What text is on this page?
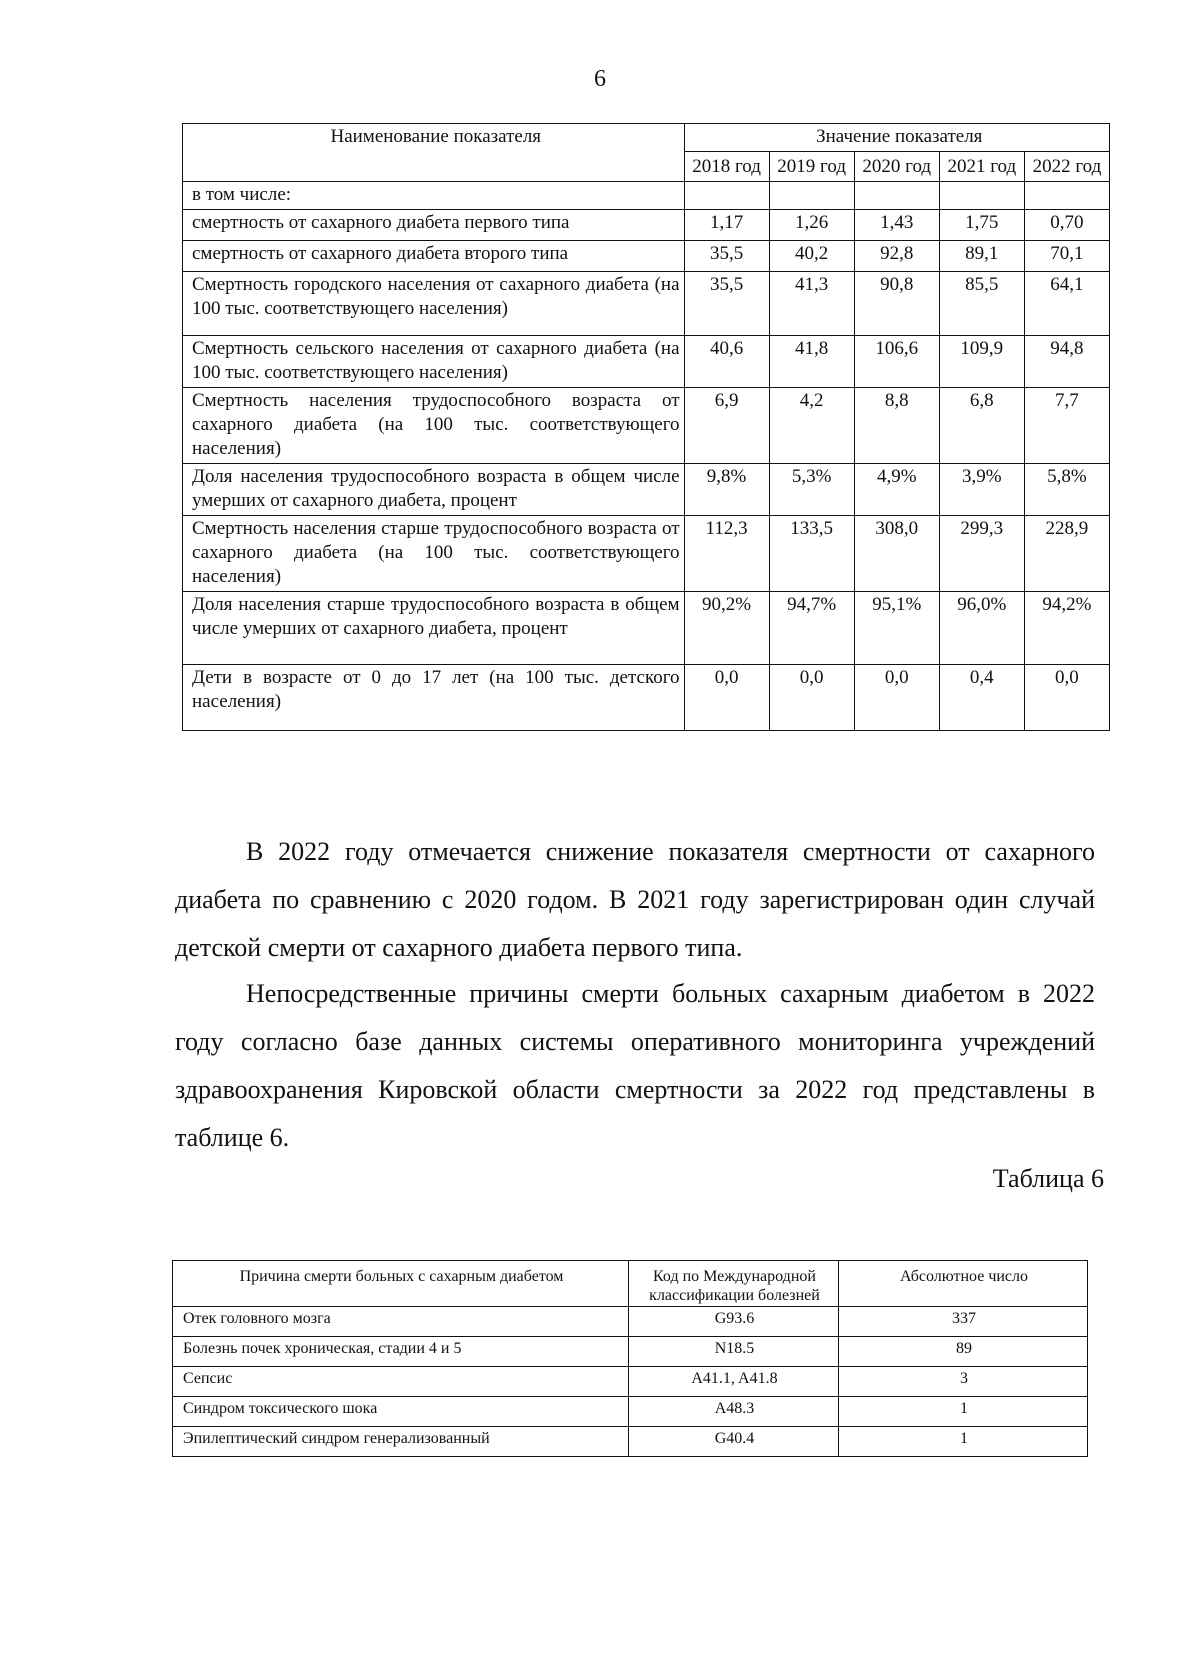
6
Наименование показателя	Значение показателя				
	2018 год	2019 год	2020 год	2021 год	2022 год
в том числе:					
смертность от сахарного диабета первого типа	1,17	1,26	1,43	1,75	0,70
смертность от сахарного диабета второго типа	35,5	40,2	92,8	89,1	70,1
Смертность городского населения от сахарного диабета (на 100 тыс. соответствующего населения)	35,5	41,3	90,8	85,5	64,1
Смертность сельского населения от сахарного диабета (на 100 тыс. соответствующего населения)	40,6	41,8	106,6	109,9	94,8
Смертность населения трудоспособного возраста от сахарного диабета (на 100 тыс. соответствующего населения)	6,9	4,2	8,8	6,8	7,7
Доля населения трудоспособного возраста в общем числе умерших от сахарного диабета, процент	9,8%	5,3%	4,9%	3,9%	5,8%
Смертность населения старше трудоспособного возраста от сахарного диабета (на 100 тыс. соответствующего населения)	112,3	133,5	308,0	299,3	228,9
Доля населения старше трудоспособного возраста в общем числе умерших от сахарного диабета, процент	90,2%	94,7%	95,1%	96,0%	94,2%
Дети в возрасте от 0 до 17 лет (на 100 тыс. детского населения)	0,0	0,0	0,0	0,4	0,0

В 2022 году отмечается снижение показателя смертности от сахарного диабета по сравнению с 2020 годом. В 2021 году зарегистрирован один случай детской смерти от сахарного диабета первого типа.

Непосредственные причины смерти больных сахарным диабетом в 2022 году согласно базе данных системы оперативного мониторинга учреждений здравоохранения Кировской области смертности за 2022 год представлены в таблице 6.

Таблица 6
Причина смерти больных с сахарным диабетом	Код по Международной классификации болезней	Абсолютное число
Отек головного мозга	G93.6	337
Болезнь почек хроническая, стадии 4 и 5	N18.5	89
Сепсис	A41.1, A41.8	3
Синдром токсического шока	A48.3	1
Эпилептический синдром генерализованный	G40.4	1
